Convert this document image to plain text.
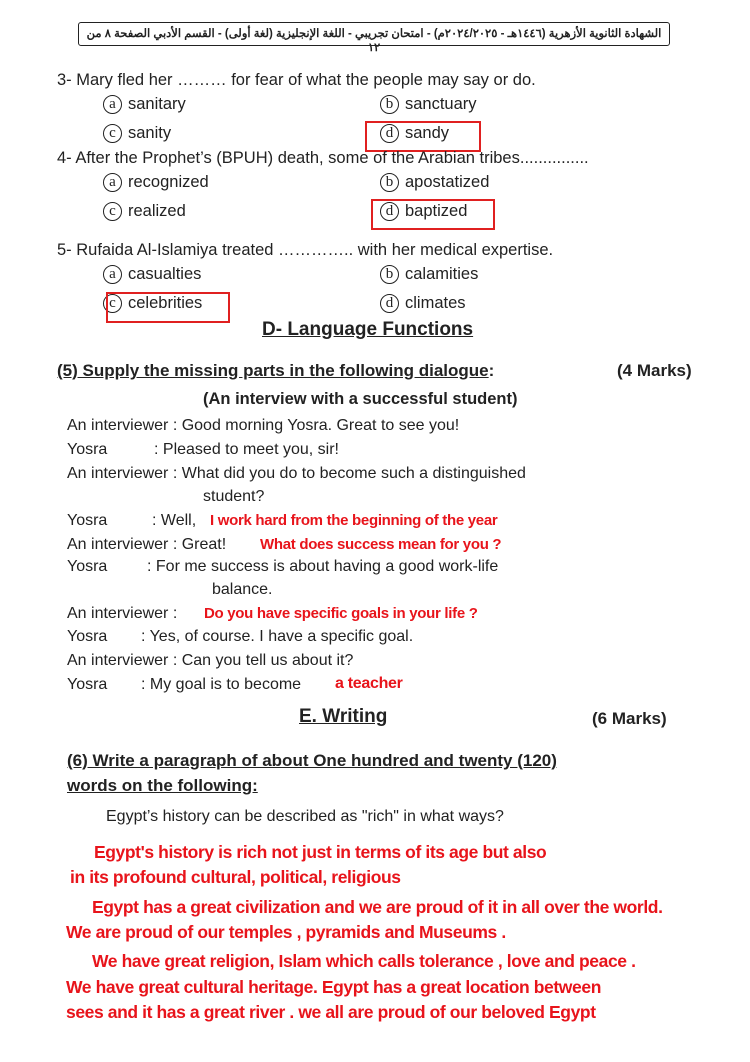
الشهادة الثانوية الأزهرية (١٤٤٦هـ - ٢٠٢٤/٢٠٢٥م) - امتحان تجريبي - اللغة الإنجليزية (لغة أولى) - القسم الأدبي الصفحة ٨ من ١٢
3- Mary fled her ……… for fear of what the people may say or do.
a sanitary	b sanctuary
c sanity	d sandy
4- After the Prophet’s (BPUH) death, some of the Arabian tribes...............
a recognized	b apostatized
c realized	d baptized
5- Rufaida Al-Islamiya treated ………….. with her medical expertise.
a casualties	b calamities
c celebrities	d climates
D- Language Functions
(5) Supply the missing parts in the following dialogue:	(4 Marks)
(An interview with a successful student)
An interviewer : Good morning Yosra. Great to see you!
Yosra	: Pleased to meet you, sir!
An interviewer : What did you do to become such a distinguished
student?
Yosra	: Well, I work hard from the beginning of the year
An interviewer : Great! What does success mean for you ?
Yosra : For me success is about having a good work-life
balance.
An interviewer : Do you have specific goals in your life ?
Yosra : Yes, of course. I have a specific goal.
An interviewer : Can you tell us about it?
Yosra : My goal is to become a teacher
E. Writing	(6 Marks)
(6) Write a paragraph of about One hundred and twenty (120)
words on the following:
Egypt’s history can be described as "rich" in what ways?
Egypt's history is rich not just in terms of its age but also
in its profound cultural, political, religious
Egypt has a great civilization and we are proud of it in all over the world.
We are proud of our temples , pyramids and Museums .
We have great religion, Islam which calls tolerance , love and peace .
We have great cultural heritage. Egypt has a great location between
sees and it has a great river . we all are proud of our beloved Egypt
